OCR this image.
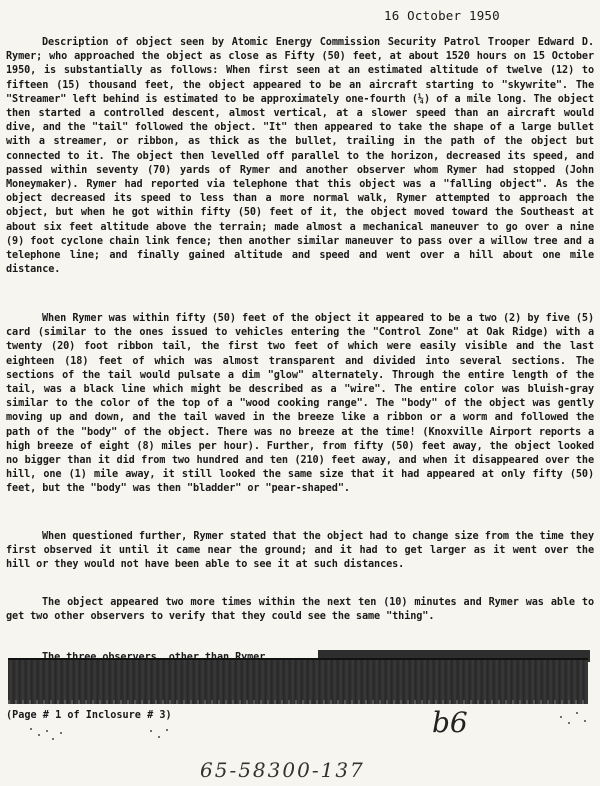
16 October 1950
Description of object seen by Atomic Energy Commission Security Patrol Trooper Edward D. Rymer; who approached the object as close as Fifty (50) feet, at about 1520 hours on 15 October 1950, is substantially as follows: When first seen at an estimated altitude of twelve (12) to fifteen (15) thousand feet, the object appeared to be an aircraft starting to "skywrite". The "Streamer" left behind is estimated to be approximately one-fourth (¼) of a mile long. The object then started a controlled descent, almost vertical, at a slower speed than an aircraft would dive, and the "tail" followed the object. "It" then appeared to take the shape of a large bullet with a streamer, or ribbon, as thick as the bullet, trailing in the path of the object but connected to it. The object then levelled off parallel to the horizon, decreased its speed, and passed within seventy (70) yards of Rymer and another observer whom Rymer had stopped (John Moneymaker). Rymer had reported via telephone that this object was a "falling object". As the object decreased its speed to less than a more normal walk, Rymer attempted to approach the object, but when he got within fifty (50) feet of it, the object moved toward the Southeast at about six feet altitude above the terrain; made almost a mechanical maneuver to go over a nine (9) foot cyclone chain link fence; then another similar maneuver to pass over a willow tree and a telephone line; and finally gained altitude and speed and went over a hill about one mile distance.
When Rymer was within fifty (50) feet of the object it appeared to be a two (2) by five (5) card (similar to the ones issued to vehicles entering the "Control Zone" at Oak Ridge) with a twenty (20) foot ribbon tail, the first two feet of which were easily visible and the last eighteen (18) feet of which was almost transparent and divided into several sections. The sections of the tail would pulsate a dim "glow" alternately. Through the entire length of the tail, was a black line which might be described as a "wire". The entire color was bluish-gray similar to the color of the top of a "wood cooking range". The "body" of the object was gently moving up and down, and the tail waved in the breeze like a ribbon or a worm and followed the path of the "body" of the object. There was no breeze at the time! (Knoxville Airport reports a high breeze of eight (8) miles per hour). Further, from fifty (50) feet away, the object looked no bigger than it did from two hundred and ten (210) feet away, and when it disappeared over the hill, one (1) mile away, it still looked the same size that it had appeared at only fifty (50) feet, but the "body" was then "bladder" or "pear-shaped".
When questioned further, Rymer stated that the object had to change size from the time they first observed it until it came near the ground; and it had to get larger as it went over the hill or they would not have been able to see it at such distances.
The object appeared two more times within the next ten (10) minutes and Rymer was able to get two other observers to verify that they could see the same "thing".
(Page # 1 of Inclosure # 3)	b6
65-58300-137
